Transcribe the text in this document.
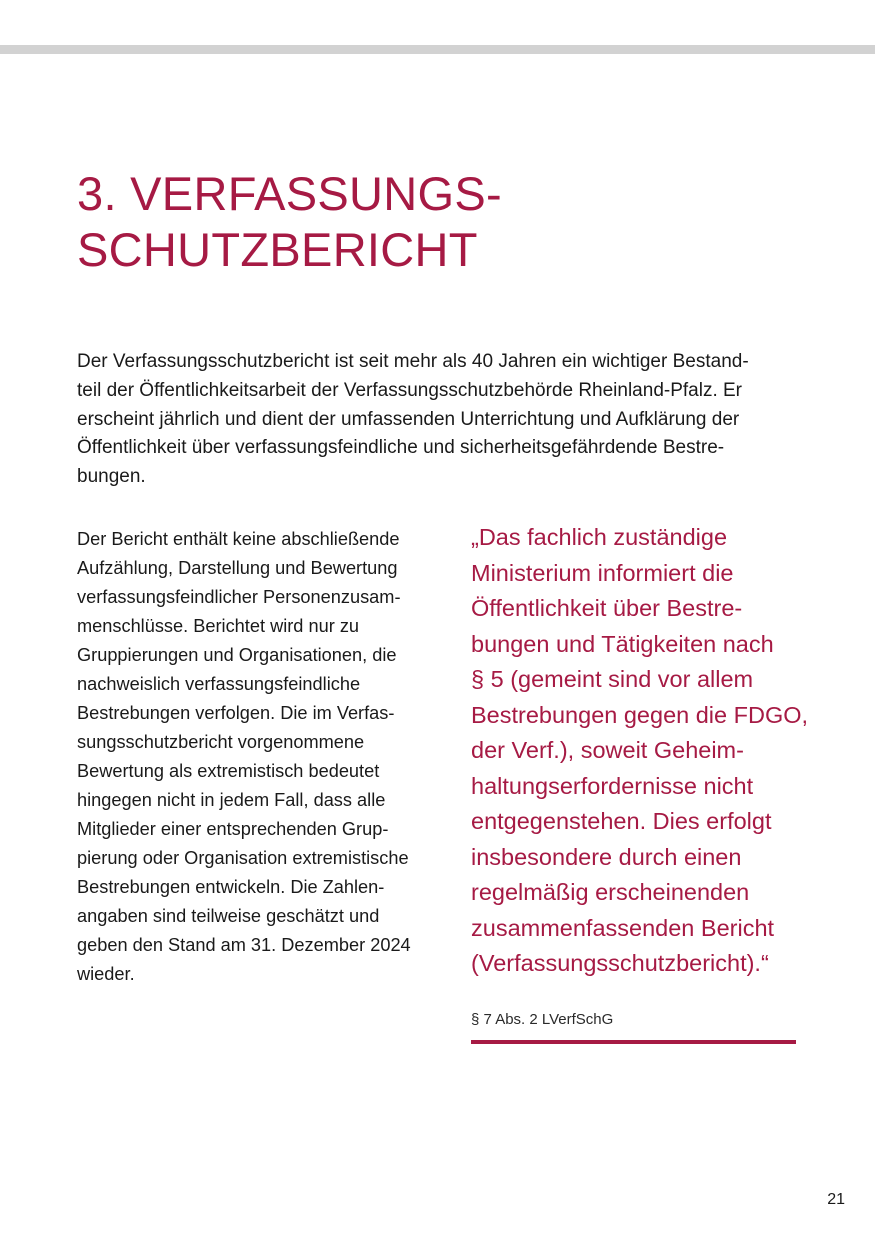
3. VERFASSUNGS-
SCHUTZBERICHT

Der Verfassungsschutzbericht ist seit mehr als 40 Jahren ein wichtiger Bestand-
teil der Öffentlichkeitsarbeit der Verfassungsschutzbehörde Rheinland-Pfalz. Er
erscheint jährlich und dient der umfassenden Unterrichtung und Aufklärung der
Öffentlichkeit über verfassungsfeindliche und sicherheitsgefährdende Bestre-
bungen.

Der Bericht enthält keine abschließende
Aufzählung, Darstellung und Bewertung
verfassungsfeindlicher Personenzusam-
menschlüsse. Berichtet wird nur zu
Gruppierungen und Organisationen, die
nachweislich verfassungsfeindliche
Bestrebungen verfolgen. Die im Verfas-
sungsschutzbericht vorgenommene
Bewertung als extremistisch bedeutet
hingegen nicht in jedem Fall, dass alle
Mitglieder einer entsprechenden Grup-
pierung oder Organisation extremistische
Bestrebungen entwickeln. Die Zahlen-
angaben sind teilweise geschätzt und
geben den Stand am 31. Dezember 2024
wieder.

„Das fachlich zuständige
Ministerium informiert die
Öffentlichkeit über Bestre-
bungen und Tätigkeiten nach
§ 5 (gemeint sind vor allem
Bestrebungen gegen die FDGO,
der Verf.), soweit Geheim-
haltungserfordernisse nicht
entgegenstehen. Dies erfolgt
insbesondere durch einen
regelmäßig erscheinenden
zusammenfassenden Bericht
(Verfassungsschutzbericht).“

§ 7 Abs. 2 LVerfSchG

21
